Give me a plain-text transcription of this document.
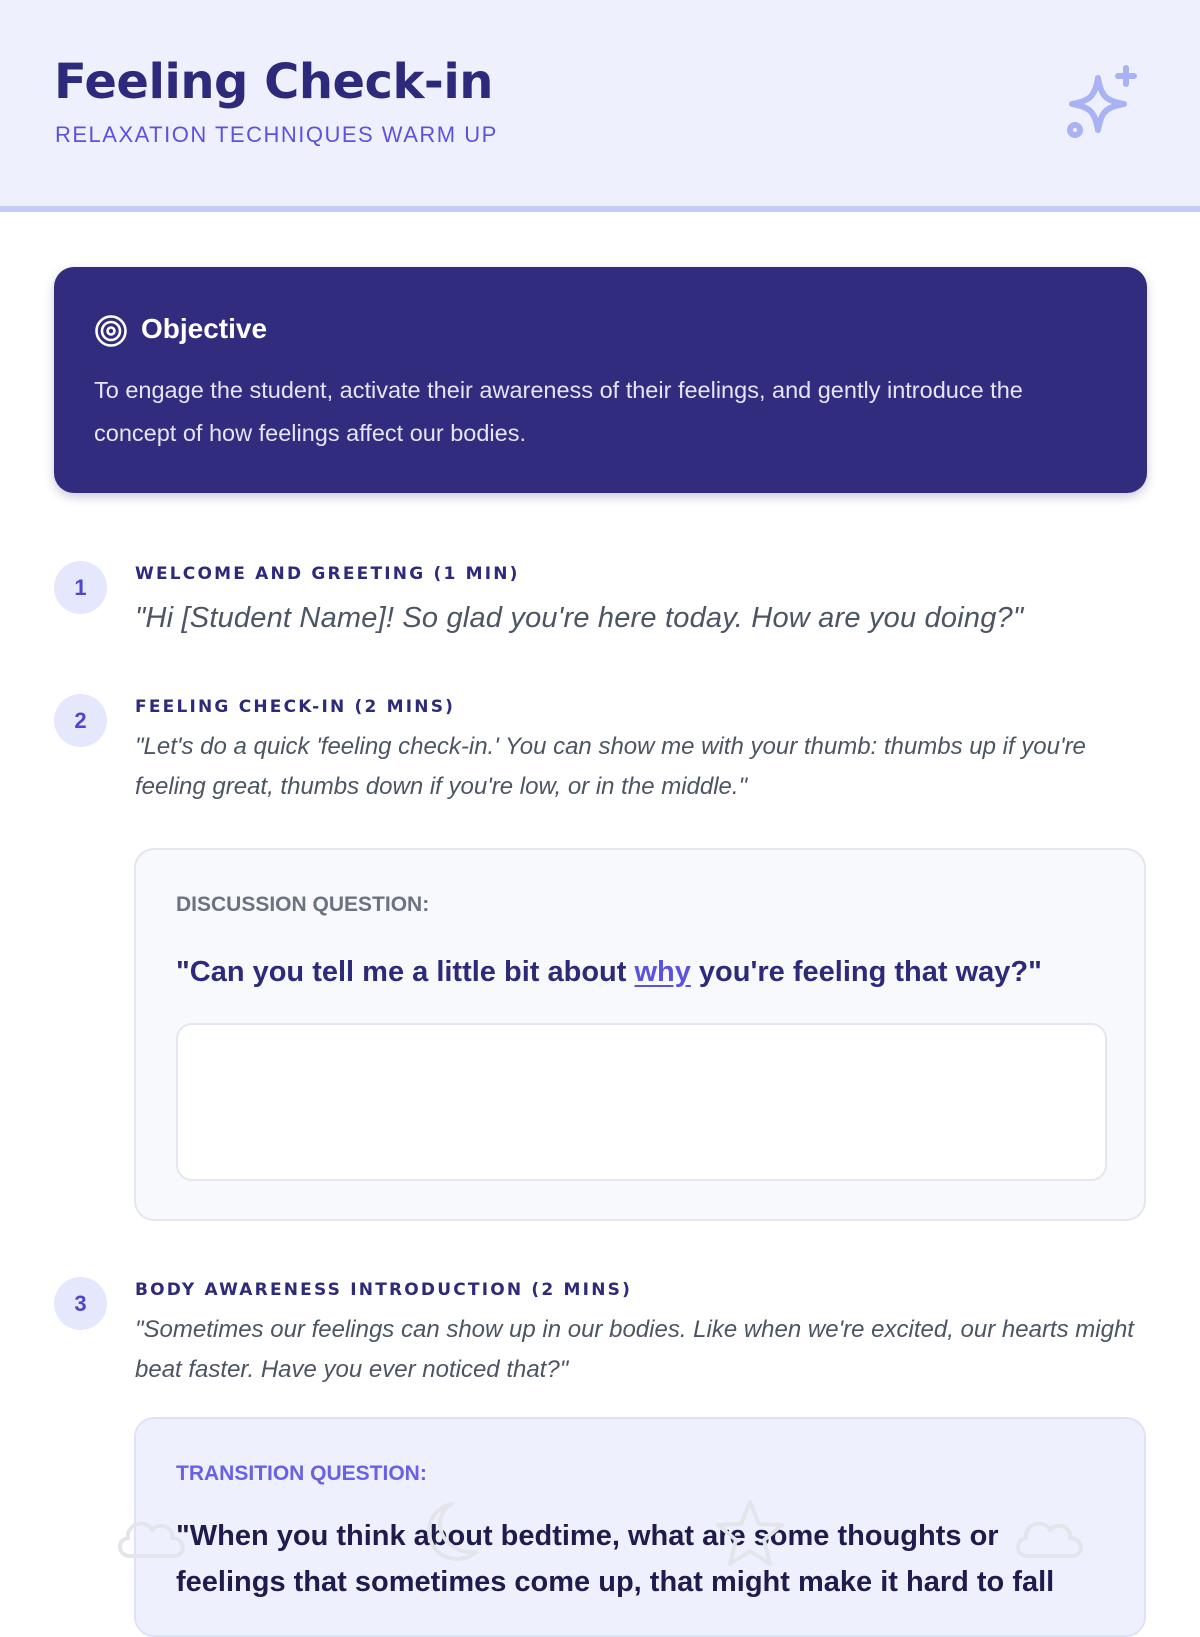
Feeling Check-in
RELAXATION TECHNIQUES WARM UP
Objective
To engage the student, activate their awareness of their feelings, and gently introduce the concept of how feelings affect our bodies.
1
WELCOME AND GREETING (1 MIN)

"Hi [Student Name]! So glad you're here today. How are you doing?"

2
FEELING CHECK-IN (2 MINS)

"Let's do a quick 'feeling check-in.' You can show me with your thumb: thumbs up if you're feeling great, thumbs down if you're low, or in the middle."

DISCUSSION QUESTION:
"Can you tell me a little bit about why you're feeling that way?"
3
BODY AWARENESS INTRODUCTION (2 MINS)

"Sometimes our feelings can show up in our bodies. Like when we're excited, our hearts might beat faster. Have you ever noticed that?"

TRANSITION QUESTION:
"When you think about bedtime, what are some thoughts or feelings that sometimes come up, that might make it hard to fall
